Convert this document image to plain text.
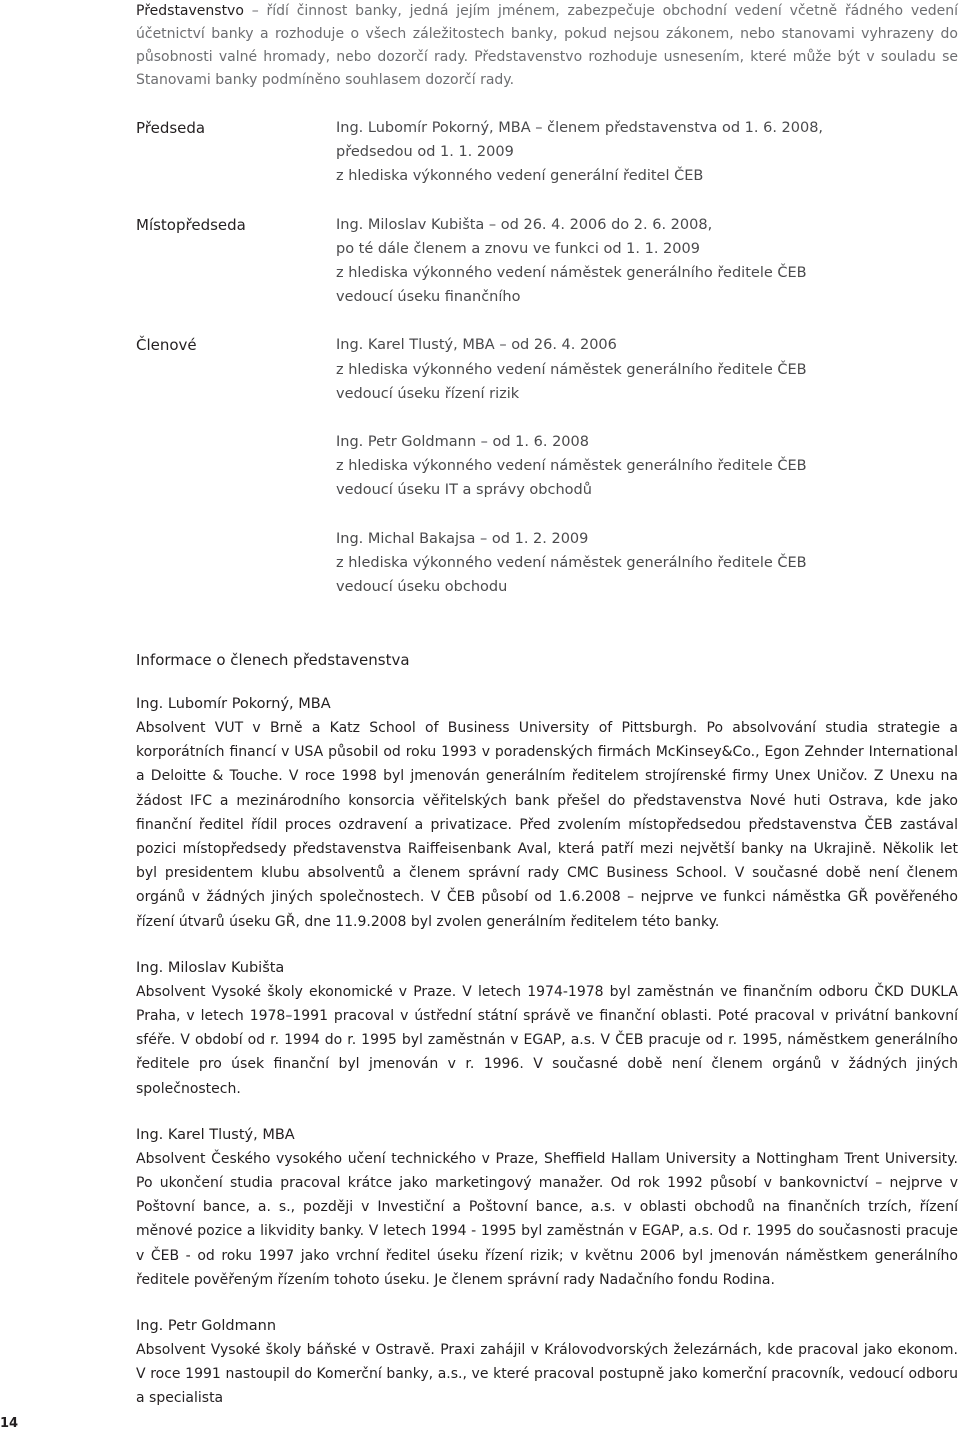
Představenstvo – řídí činnost banky, jedná jejím jménem, zabezpečuje obchodní vedení včetně řádného vedení účetnictví banky a rozhoduje o všech záležitostech banky, pokud nejsou zákonem, nebo stanovami vyhrazeny do působnosti valné hromady, nebo dozorčí rady. Představenstvo rozhoduje usnesením, které může být v souladu se Stanovami banky podmíněno souhlasem dozorčí rady.
Předseda	Ing. Lubomír Pokorný, MBA – členem představenstva od 1. 6. 2008,
předsedou od 1. 1. 2009
z hlediska výkonného vedení generální ředitel ČEB
Místopředseda	Ing. Miloslav Kubišta – od 26. 4. 2006 do 2. 6. 2008,
po té dále členem a znovu ve funkci od 1. 1. 2009
z hlediska výkonného vedení náměstek generálního ředitele ČEB
vedoucí úseku finančního
Členové	Ing. Karel Tlustý, MBA – od 26. 4. 2006
z hlediska výkonného vedení náměstek generálního ředitele ČEB
vedoucí úseku řízení rizik
Ing. Petr Goldmann – od 1. 6. 2008
z hlediska výkonného vedení náměstek generálního ředitele ČEB
vedoucí úseku IT a správy obchodů
Ing. Michal Bakajsa – od 1. 2. 2009
z hlediska výkonného vedení náměstek generálního ředitele ČEB
vedoucí úseku obchodu
Informace o členech představenstva
Ing. Lubomír Pokorný, MBA
Absolvent VUT v Brně a Katz School of Business University of Pittsburgh. Po absolvování studia strategie a korporátních financí v USA působil od roku 1993 v poradenských firmách McKinsey&Co., Egon Zehnder International a Deloitte & Touche. V roce 1998 byl jmenován generálním ředitelem strojírenské firmy Unex Uničov. Z Unexu na žádost IFC a mezinárodního konsorcia věřitelských bank přešel do představenstva Nové huti Ostrava, kde jako finanční ředitel řídil proces ozdravení a privatizace. Před zvolením místopředsedou představenstva ČEB zastával pozici místopředsedy představenstva Raiffeisenbank Aval, která patří mezi největší banky na Ukrajině. Několik let byl presidentem klubu absolventů a členem správní rady CMC Business School. V současné době není členem orgánů v žádných jiných společnostech. V ČEB působí od 1.6.2008 – nejprve ve funkci náměstka GŘ pověřeného řízení útvarů úseku GŘ, dne 11.9.2008 byl zvolen generálním ředitelem této banky.
Ing. Miloslav Kubišta
Absolvent Vysoké školy ekonomické v Praze. V letech 1974-1978 byl zaměstnán ve finančním odboru ČKD DUKLA Praha, v letech 1978–1991 pracoval v ústřední státní správě ve finanční oblasti. Poté pracoval v privátní bankovní sféře. V období od r. 1994 do r. 1995 byl zaměstnán v EGAP, a.s. V ČEB pracuje od r. 1995, náměstkem generálního ředitele pro úsek finanční byl jmenován v r. 1996. V současné době není členem orgánů v žádných jiných společnostech.
Ing. Karel Tlustý, MBA
Absolvent Českého vysokého učení technického v Praze, Sheffield Hallam University a Nottingham Trent University. Po ukončení studia pracoval krátce jako marketingový manažer. Od rok 1992 působí v bankovnictví – nejprve v Poštovní bance, a. s., později v Investiční a Poštovní bance, a.s. v oblasti obchodů na finančních trzích, řízení měnové pozice a likvidity banky. V letech 1994 - 1995 byl zaměstnán v EGAP, a.s. Od r. 1995 do současnosti pracuje v ČEB - od roku 1997 jako vrchní ředitel úseku řízení rizik; v květnu 2006 byl jmenován náměstkem generálního ředitele pověřeným řízením tohoto úseku. Je členem správní rady Nadačního fondu Rodina.
Ing. Petr Goldmann
Absolvent Vysoké školy báňské v Ostravě. Praxi zahájil v Královodvorských železárnách, kde pracoval jako ekonom. V roce 1991 nastoupil do Komerční banky, a.s., ve které pracoval postupně jako komerční pracovník, vedoucí odboru a specialista
14
